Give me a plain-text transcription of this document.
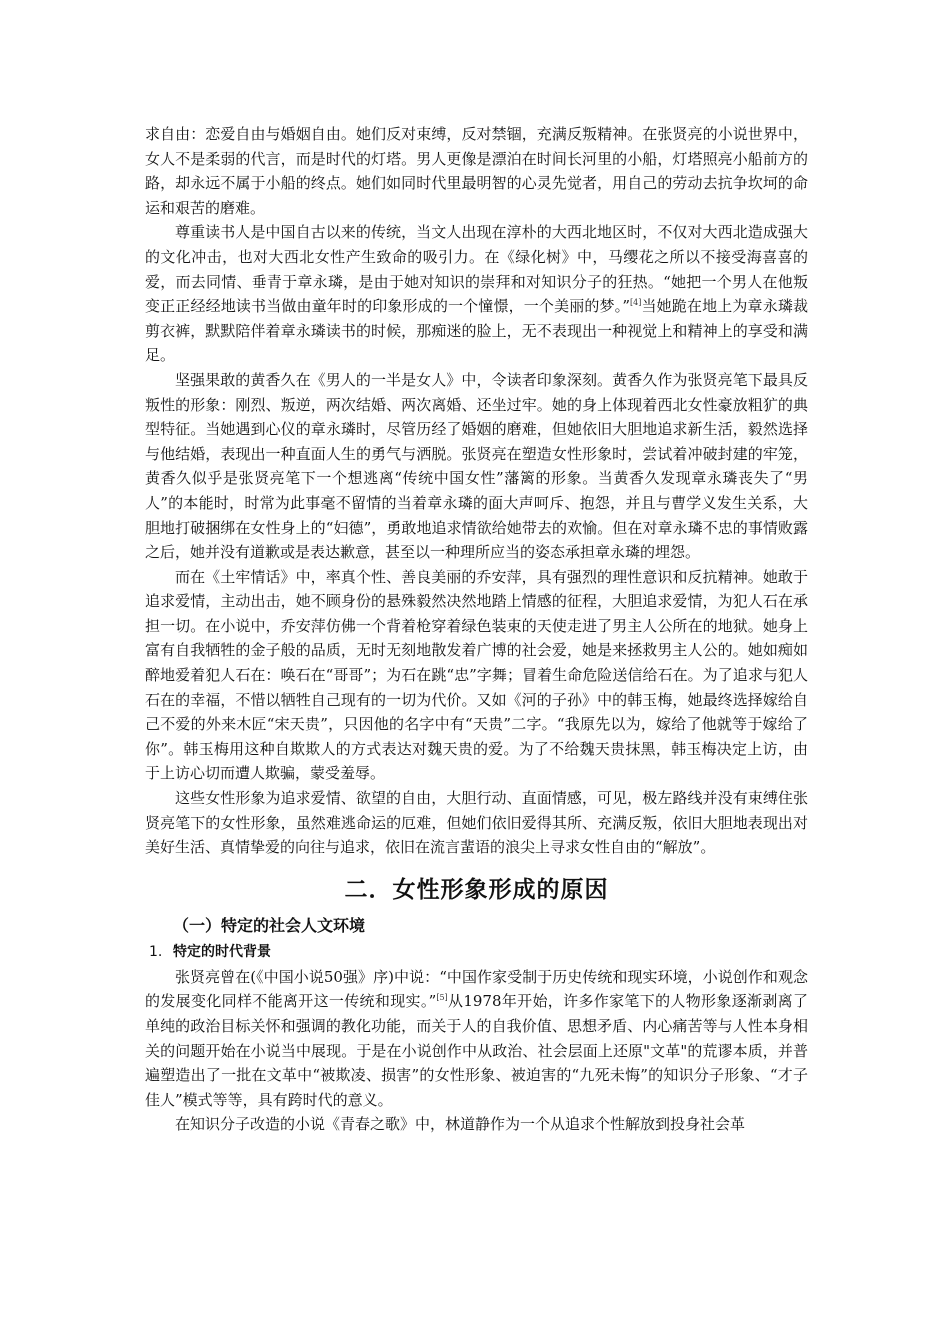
求自由：恋爱自由与婚姻自由。她们反对束缚，反对禁锢，充满反叛精神。在张贤亮的小说世界中，女人不是柔弱的代言，而是时代的灯塔。男人更像是漂泊在时间长河里的小船，灯塔照亮小船前方的路，却永远不属于小船的终点。她们如同时代里最明智的心灵先觉者，用自己的劳动去抗争坎坷的命运和艰苦的磨难。

尊重读书人是中国自古以来的传统，当文人出现在淳朴的大西北地区时，不仅对大西北造成强大的文化冲击，也对大西北女性产生致命的吸引力。在《绿化树》中，马缨花之所以不接受海喜喜的爱，而去同情、垂青于章永璘，是由于她对知识的崇拜和对知识分子的狂热。“她把一个男人在他叛变正正经经地读书当做由童年时的印象形成的一个憧憬，一个美丽的梦。”[4]当她跪在地上为章永璘裁剪衣裤，默默陪伴着章永璘读书的时候，那痴迷的脸上，无不表现出一种视觉上和精神上的享受和满足。

坚强果敢的黄香久在《男人的一半是女人》中，令读者印象深刻。黄香久作为张贤亮笔下最具反叛性的形象：刚烈、叛逆，两次结婚、两次离婚、还坐过牢。她的身上体现着西北女性豪放粗犷的典型特征。当她遇到心仪的章永璘时，尽管历经了婚姻的磨难，但她依旧大胆地追求新生活，毅然选择与他结婚，表现出一种直面人生的勇气与洒脱。张贤亮在塑造女性形象时，尝试着冲破封建的牢笼，黄香久似乎是张贤亮笔下一个想逃离“传统中国女性”藩篱的形象。当黄香久发现章永璘丧失了“男人”的本能时，时常为此事毫不留情的当着章永璘的面大声呵斥、抱怨，并且与曹学义发生关系，大胆地打破捆绑在女性身上的“妇德”，勇敢地追求情欲给她带去的欢愉。但在对章永璘不忠的事情败露之后，她并没有道歉或是表达歉意，甚至以一种理所应当的姿态承担章永璘的埋怨。

而在《土牢情话》中，率真个性、善良美丽的乔安萍，具有强烈的理性意识和反抗精神。她敢于追求爱情，主动出击，她不顾身份的悬殊毅然决然地踏上情感的征程，大胆追求爱情，为犯人石在承担一切。在小说中，乔安萍仿佛一个背着枪穿着绿色装束的天使走进了男主人公所在的地狱。她身上富有自我牺牲的金子般的品质，无时无刻地散发着广博的社会爱，她是来拯救男主人公的。她如痴如醉地爱着犯人石在：唤石在“哥哥”；为石在跳“忠”字舞；冒着生命危险送信给石在。为了追求与犯人石在的幸福，不惜以牺牲自己现有的一切为代价。又如《河的子孙》中的韩玉梅，她最终选择嫁给自己不爱的外来木匠“宋天贵”，只因他的名字中有“天贵”二字。“我原先以为，嫁给了他就等于嫁给了你”。韩玉梅用这种自欺欺人的方式表达对魏天贵的爱。为了不给魏天贵抹黑，韩玉梅决定上访，由于上访心切而遭人欺骗，蒙受羞辱。

这些女性形象为追求爱情、欲望的自由，大胆行动、直面情感，可见，极左路线并没有束缚住张贤亮笔下的女性形象，虽然难逃命运的厄难，但她们依旧爱得其所、充满反叛，依旧大胆地表现出对美好生活、真情挚爱的向往与追求，依旧在流言蜚语的浪尖上寻求女性自由的“解放”。

二．女性形象形成的原因
（一）特定的社会人文环境
1. 特定的时代背景

张贤亮曾在(《中国小说50强》序)中说：“中国作家受制于历史传统和现实环境，小说创作和观念的发展变化同样不能离开这一传统和现实。”[5]从1978年开始，许多作家笔下的人物形象逐渐剥离了单纯的政治目标关怀和强调的教化功能，而关于人的自我价值、思想矛盾、内心痛苦等与人性本身相关的问题开始在小说当中展现。于是在小说创作中从政治、社会层面上还原"文革"的荒谬本质，并普遍塑造出了一批在文革中“被欺凌、损害”的女性形象、被迫害的“九死未悔”的知识分子形象、“才子佳人”模式等等，具有跨时代的意义。

在知识分子改造的小说《青春之歌》中，林道静作为一个从追求个性解放到投身社会革
